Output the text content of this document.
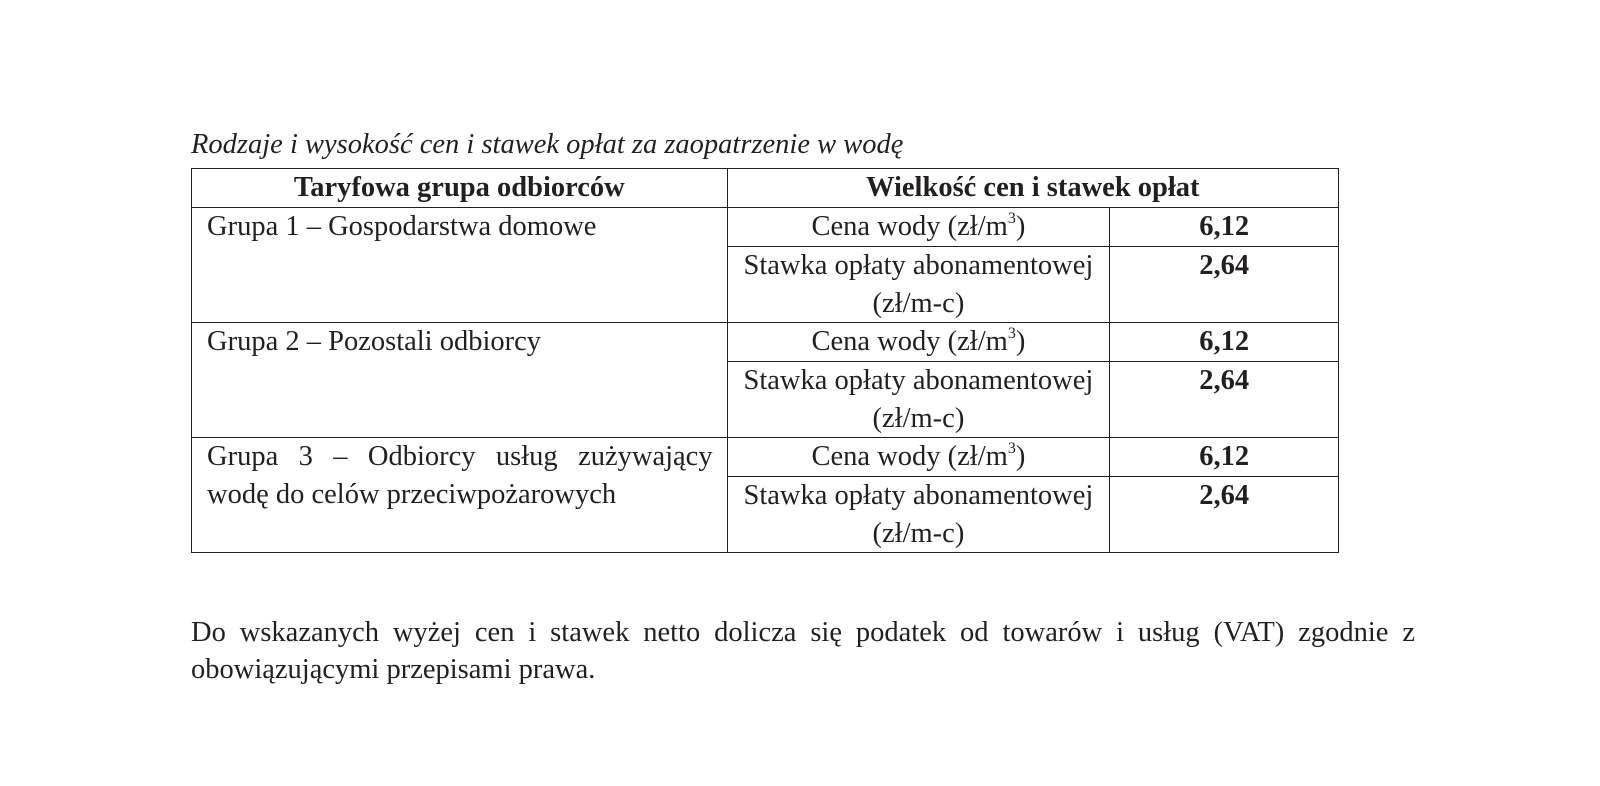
Rodzaje i wysokość cen i stawek opłat za zaopatrzenie w wodę
Taryfowa grupa odbiorców	Wielkość cen i stawek opłat	
Grupa 1 – Gospodarstwa domowe	Cena wody $(zł/m^3)$	6,12
	Stawka opłaty abonamentowej (zł/m-c)	2,64
Grupa 2 – Pozostali odbiorcy	Cena wody $(zł/m^3)$	6,12
	Stawka opłaty abonamentowej (zł/m-c)	2,64
Grupa 3 – Odbiorcy usług zużywający wodę do celów przeciwpożarowych	Cena wody $(zł/m^3)$	6,12
	Stawka opłaty abonamentowej (zł/m-c)	2,64
Do wskazanych wyżej cen i stawek netto dolicza się podatek od towarów i usług (VAT) zgodnie z obowiązującymi przepisami prawa.
